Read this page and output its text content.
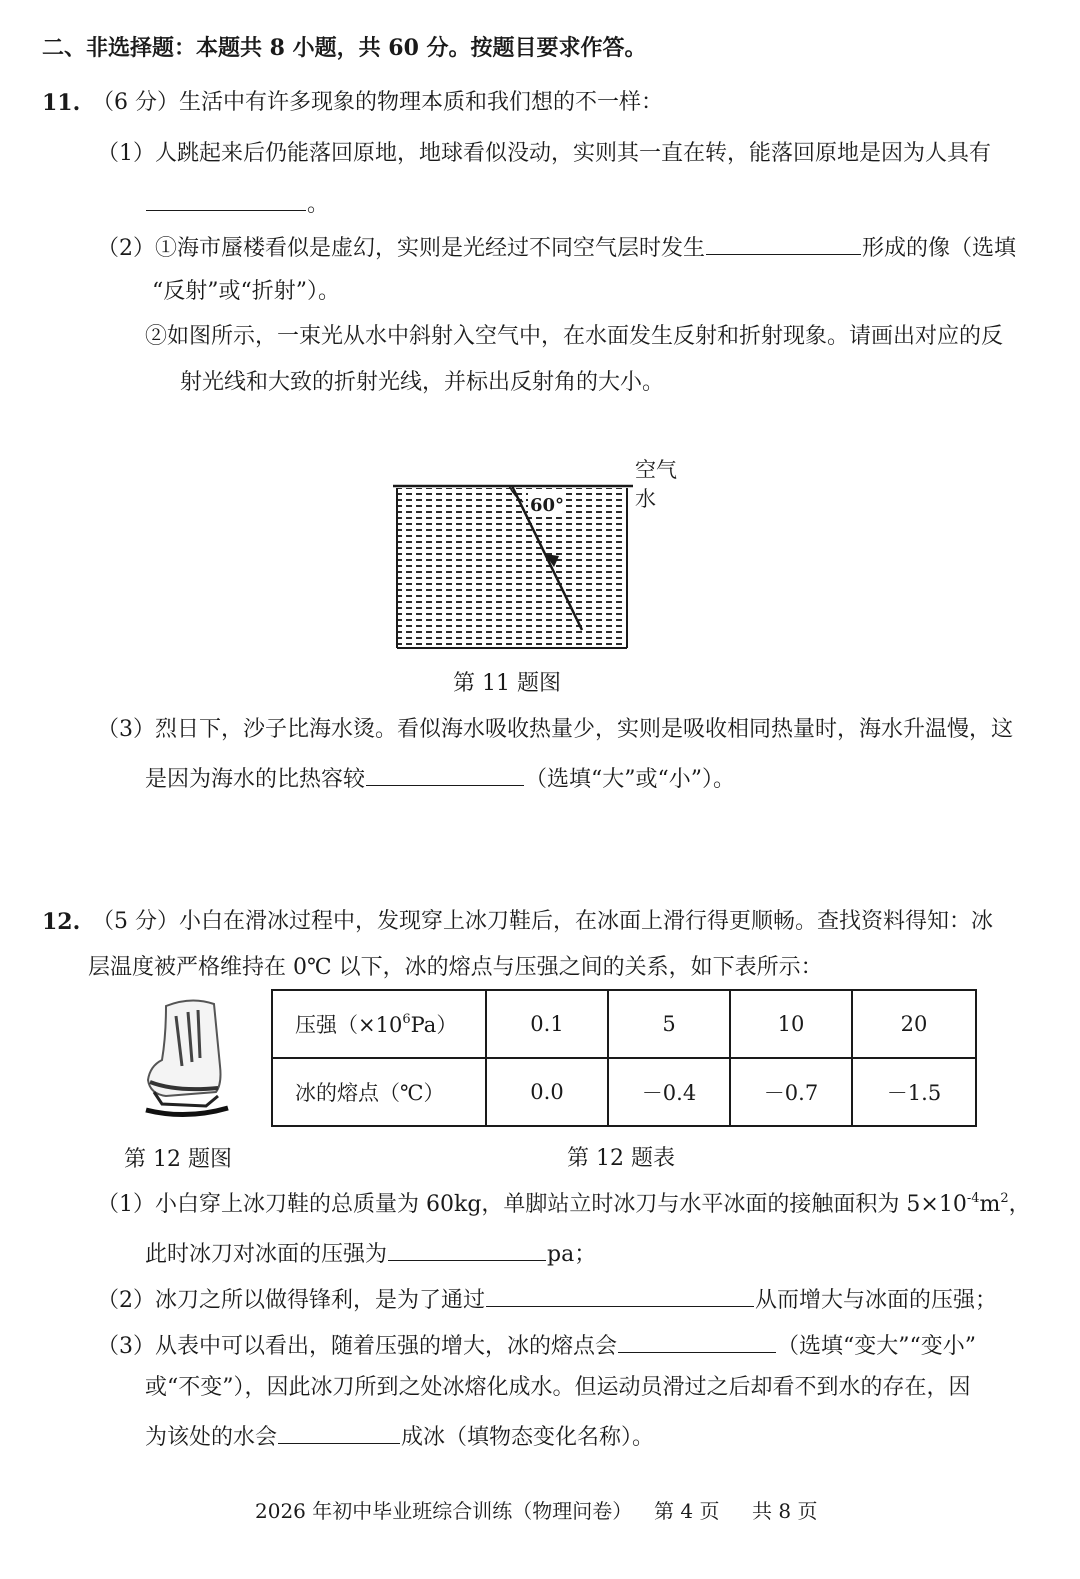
二、非选择题：本题共 8 小题，共 60 分。按题目要求作答。
11. （6 分）生活中有许多现象的物理本质和我们想的不一样：
（1）人跳起来后仍能落回原地，地球看似没动，实则其一直在转，能落回原地是因为人具有
。
（2）①海市蜃楼看似是虚幻，实则是光经过不同空气层时发生	形成的像（选填
“反射”或“折射”）。
②如图所示，一束光从水中斜射入空气中，在水面发生反射和折射现象。请画出对应的反
射光线和大致的折射光线，并标出反射角的大小。
60°
空气
水
第 11 题图
（3）烈日下，沙子比海水烫。看似海水吸收热量少，实则是吸收相同热量时，海水升温慢，这
是因为海水的比热容较	（选填“大”或“小”）。
12. （5 分）小白在滑冰过程中，发现穿上冰刀鞋后，在冰面上滑行得更顺畅。查找资料得知：冰
层温度被严格维持在 0℃ 以下，冰的熔点与压强之间的关系，如下表所示：
压强$(\times 10^6Pa)$	0.1	5	10	20
冰的熔点（℃）	0.0	－0.4	－0.7	－1.5
第 12 题图	第 12 题表
（1）小白穿上冰刀鞋的总质量为 60kg，单脚站立时冰刀与水平冰面的接触面积为 $5\times 10^{-4}m^2$，
此时冰刀对冰面的压强为	pa；
（2）冰刀之所以做得锋利，是为了通过	从而增大与冰面的压强；
（3）从表中可以看出，随着压强的增大，冰的熔点会	（选填“变大”“变小”
或“不变”），因此冰刀所到之处冰熔化成水。但运动员滑过之后却看不到水的存在，因
为该处的水会	成冰（填物态变化名称）。
2026 年初中毕业班综合训练（物理问卷） 第 4 页 共 8 页
